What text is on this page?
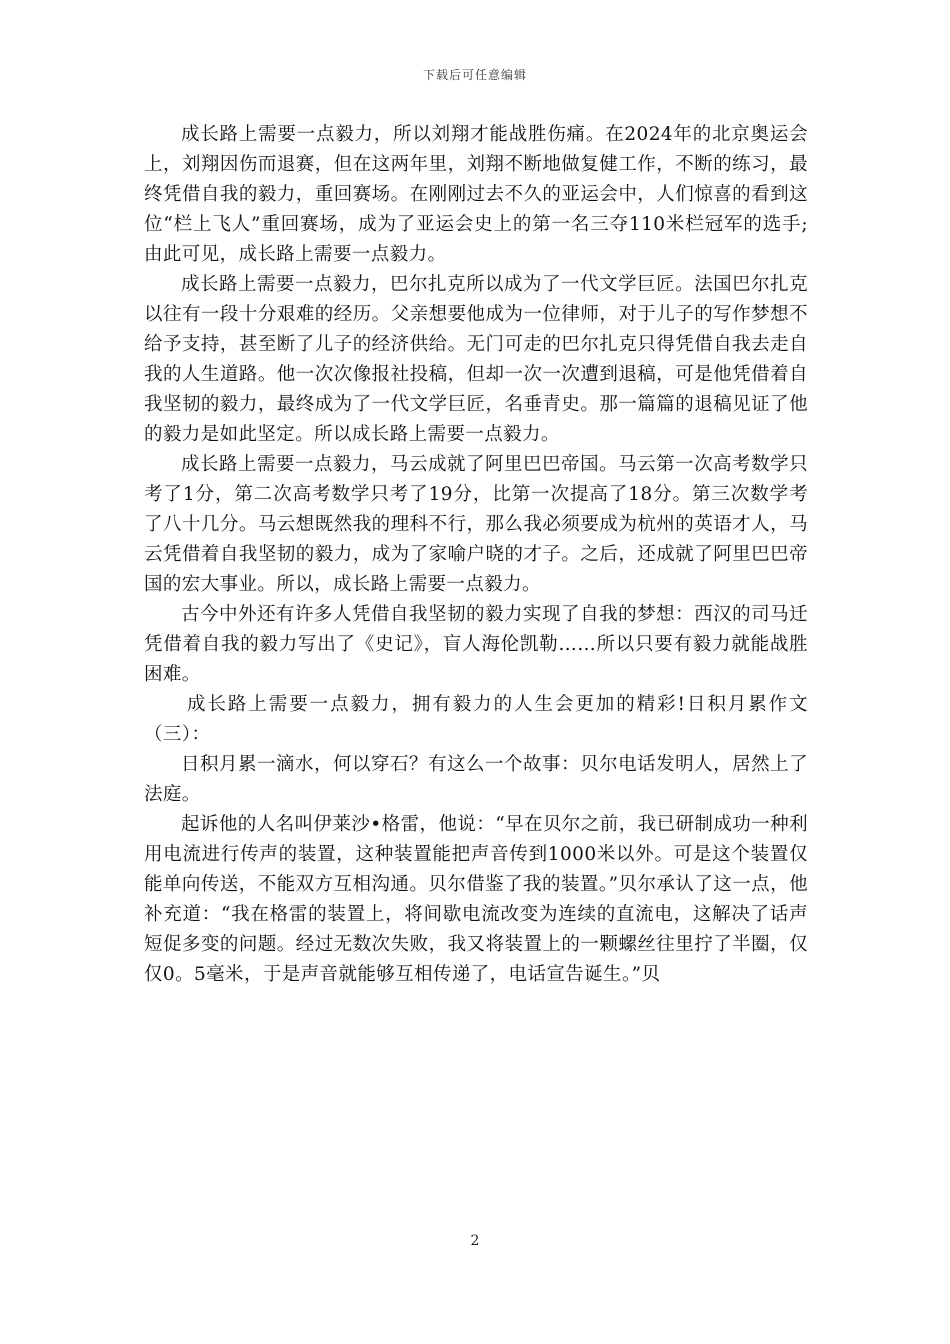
下载后可任意编辑

成长路上需要一点毅力，所以刘翔才能战胜伤痛。在2024年的北京奥运会上，刘翔因伤而退赛，但在这两年里，刘翔不断地做复健工作，不断的练习，最终凭借自我的毅力，重回赛场。在刚刚过去不久的亚运会中，人们惊喜的看到这位“栏上飞人”重回赛场，成为了亚运会史上的第一名三夺110米栏冠军的选手;由此可见，成长路上需要一点毅力。

成长路上需要一点毅力，巴尔扎克所以成为了一代文学巨匠。法国巴尔扎克以往有一段十分艰难的经历。父亲想要他成为一位律师，对于儿子的写作梦想不给予支持，甚至断了儿子的经济供给。无门可走的巴尔扎克只得凭借自我去走自我的人生道路。他一次次像报社投稿，但却一次一次遭到退稿，可是他凭借着自我坚韧的毅力，最终成为了一代文学巨匠，名垂青史。那一篇篇的退稿见证了他的毅力是如此坚定。所以成长路上需要一点毅力。

成长路上需要一点毅力，马云成就了阿里巴巴帝国。马云第一次高考数学只考了1分，第二次高考数学只考了19分，比第一次提高了18分。第三次数学考了八十几分。马云想既然我的理科不行，那么我必须要成为杭州的英语才人，马云凭借着自我坚韧的毅力，成为了家喻户晓的才子。之后，还成就了阿里巴巴帝国的宏大事业。所以，成长路上需要一点毅力。

古今中外还有许多人凭借自我坚韧的毅力实现了自我的梦想：西汉的司马迁凭借着自我的毅力写出了《史记》，盲人海伦凯勒……所以只要有毅力就能战胜困难。

成长路上需要一点毅力，拥有毅力的人生会更加的精彩!日积月累作文（三）：

日积月累一滴水，何以穿石？有这么一个故事：贝尔电话发明人，居然上了法庭。

起诉他的人名叫伊莱沙•格雷，他说：“早在贝尔之前，我已研制成功一种利用电流进行传声的装置，这种装置能把声音传到1000米以外。可是这个装置仅能单向传送，不能双方互相沟通。贝尔借鉴了我的装置。”贝尔承认了这一点，他补充道：“我在格雷的装置上，将间歇电流改变为连续的直流电，这解决了话声短促多变的问题。经过无数次失败，我又将装置上的一颗螺丝往里拧了半圈，仅仅0。5毫米，于是声音就能够互相传递了，电话宣告诞生。”贝

2
